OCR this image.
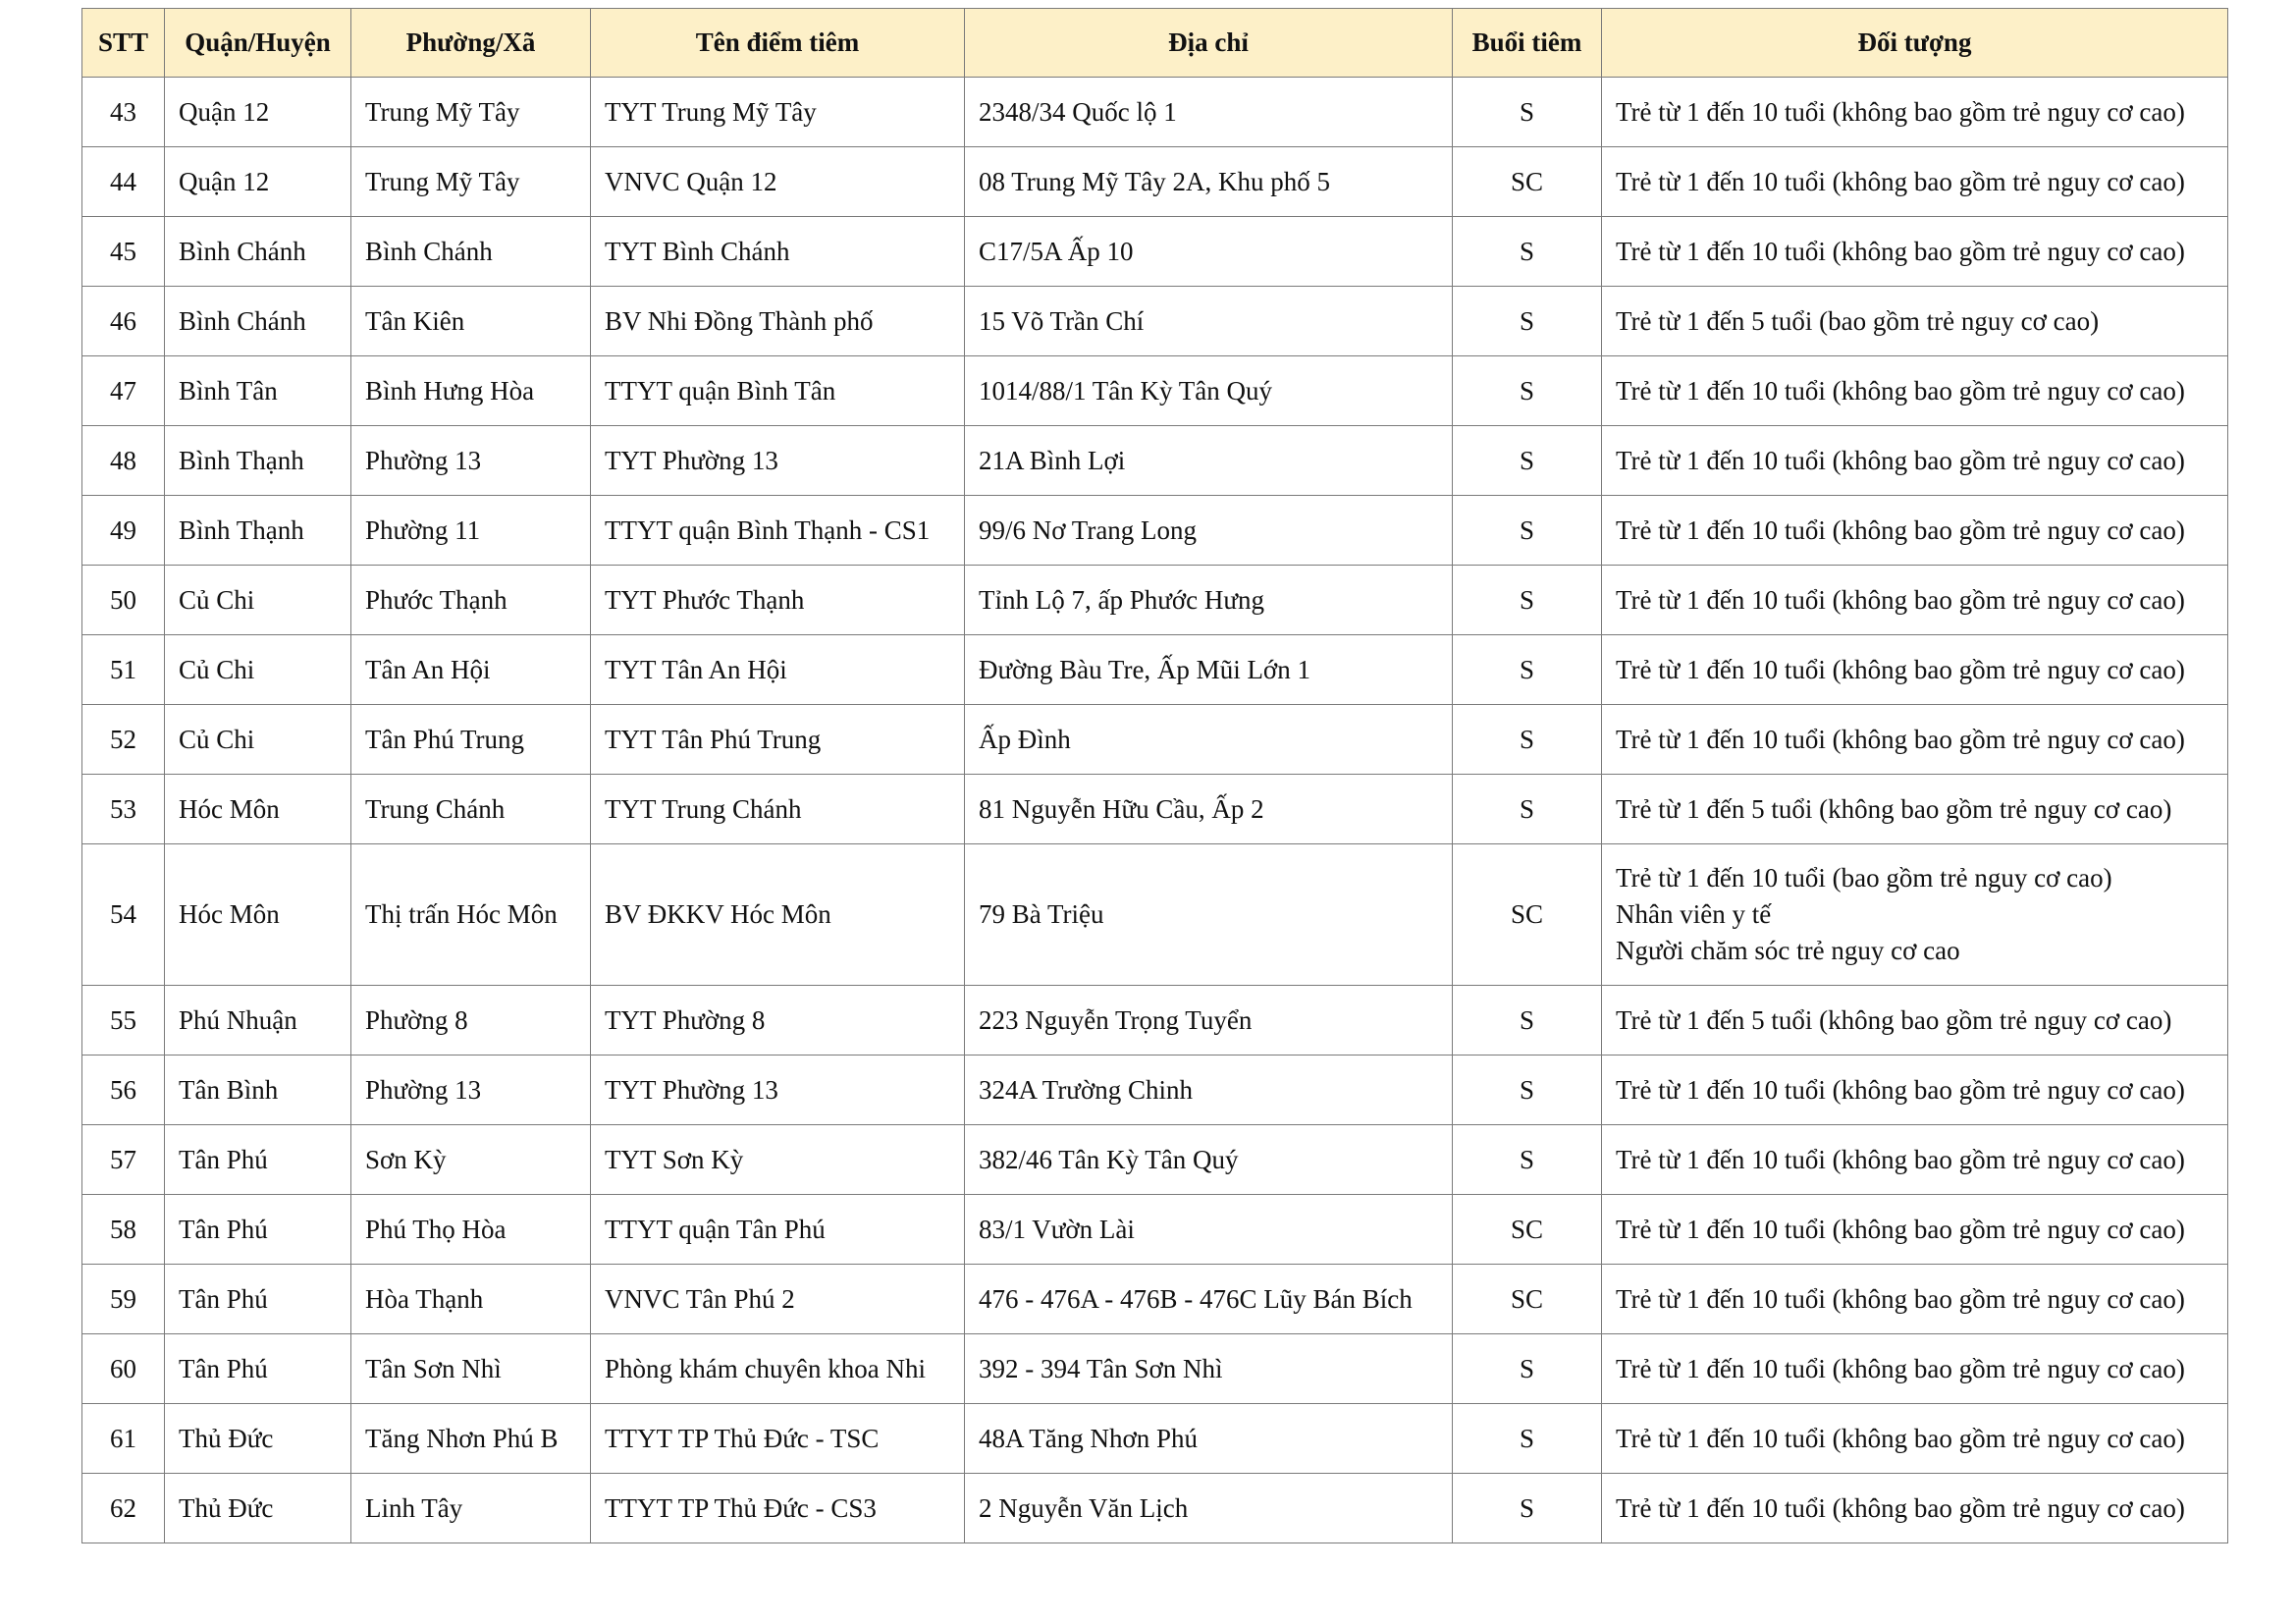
STT	Quận/Huyện	Phường/Xã	Tên điểm tiêm	Địa chỉ	Buổi tiêm	Đối tượng
43	Quận 12	Trung Mỹ Tây	TYT Trung Mỹ Tây	2348/34 Quốc lộ 1	S	Trẻ từ 1 đến 10 tuổi (không bao gồm trẻ nguy cơ cao)

44	Quận 12	Trung Mỹ Tây	VNVC Quận 12	08 Trung Mỹ Tây 2A, Khu phố 5	SC	Trẻ từ 1 đến 10 tuổi (không bao gồm trẻ nguy cơ cao)

45	Bình Chánh	Bình Chánh	TYT Bình Chánh	C17/5A Ấp 10	S	Trẻ từ 1 đến 10 tuổi (không bao gồm trẻ nguy cơ cao)

46	Bình Chánh	Tân Kiên	BV Nhi Đồng Thành phố	15 Võ Trần Chí	S	Trẻ từ 1 đến 5 tuổi (bao gồm trẻ nguy cơ cao)

47	Bình Tân	Bình Hưng Hòa	TTYT quận Bình Tân	1014/88/1 Tân Kỳ Tân Quý	S	Trẻ từ 1 đến 10 tuổi (không bao gồm trẻ nguy cơ cao)

48	Bình Thạnh	Phường 13	TYT Phường 13	21A Bình Lợi	S	Trẻ từ 1 đến 10 tuổi (không bao gồm trẻ nguy cơ cao)

49	Bình Thạnh	Phường 11	TTYT quận Bình Thạnh - CS1	99/6 Nơ Trang Long	S	Trẻ từ 1 đến 10 tuổi (không bao gồm trẻ nguy cơ cao)

50	Củ Chi	Phước Thạnh	TYT Phước Thạnh	Tỉnh Lộ 7, ấp Phước Hưng	S	Trẻ từ 1 đến 10 tuổi (không bao gồm trẻ nguy cơ cao)

51	Củ Chi	Tân An Hội	TYT Tân An Hội	Đường Bàu Tre, Ấp Mũi Lớn 1	S	Trẻ từ 1 đến 10 tuổi (không bao gồm trẻ nguy cơ cao)

52	Củ Chi	Tân Phú Trung	TYT Tân Phú Trung	Ấp Đình	S	Trẻ từ 1 đến 10 tuổi (không bao gồm trẻ nguy cơ cao)

53	Hóc Môn	Trung Chánh	TYT Trung Chánh	81 Nguyễn Hữu Cầu, Ấp 2	S	Trẻ từ 1 đến 5 tuổi (không bao gồm trẻ nguy cơ cao)

54	Hóc Môn	Thị trấn Hóc Môn	BV ĐKKV Hóc Môn	79 Bà Triệu	SC	Trẻ từ 1 đến 10 tuổi (bao gồm trẻ nguy cơ cao)
Nhân viên y tế
Người chăm sóc trẻ nguy cơ cao

55	Phú Nhuận	Phường 8	TYT Phường 8	223 Nguyễn Trọng Tuyển	S	Trẻ từ 1 đến 5 tuổi (không bao gồm trẻ nguy cơ cao)

56	Tân Bình	Phường 13	TYT Phường 13	324A Trường Chinh	S	Trẻ từ 1 đến 10 tuổi (không bao gồm trẻ nguy cơ cao)

57	Tân Phú	Sơn Kỳ	TYT Sơn Kỳ	382/46 Tân Kỳ Tân Quý	S	Trẻ từ 1 đến 10 tuổi (không bao gồm trẻ nguy cơ cao)

58	Tân Phú	Phú Thọ Hòa	TTYT quận Tân Phú	83/1 Vườn Lài	SC	Trẻ từ 1 đến 10 tuổi (không bao gồm trẻ nguy cơ cao)

59	Tân Phú	Hòa Thạnh	VNVC Tân Phú 2	476 - 476A - 476B - 476C Lũy Bán Bích	SC	Trẻ từ 1 đến 10 tuổi (không bao gồm trẻ nguy cơ cao)

60	Tân Phú	Tân Sơn Nhì	Phòng khám chuyên khoa Nhi	392 - 394 Tân Sơn Nhì	S	Trẻ từ 1 đến 10 tuổi (không bao gồm trẻ nguy cơ cao)

61	Thủ Đức	Tăng Nhơn Phú B	TTYT TP Thủ Đức - TSC	48A Tăng Nhơn Phú	S	Trẻ từ 1 đến 10 tuổi (không bao gồm trẻ nguy cơ cao)

62	Thủ Đức	Linh Tây	TTYT TP Thủ Đức - CS3	2 Nguyễn Văn Lịch	S	Trẻ từ 1 đến 10 tuổi (không bao gồm trẻ nguy cơ cao)
